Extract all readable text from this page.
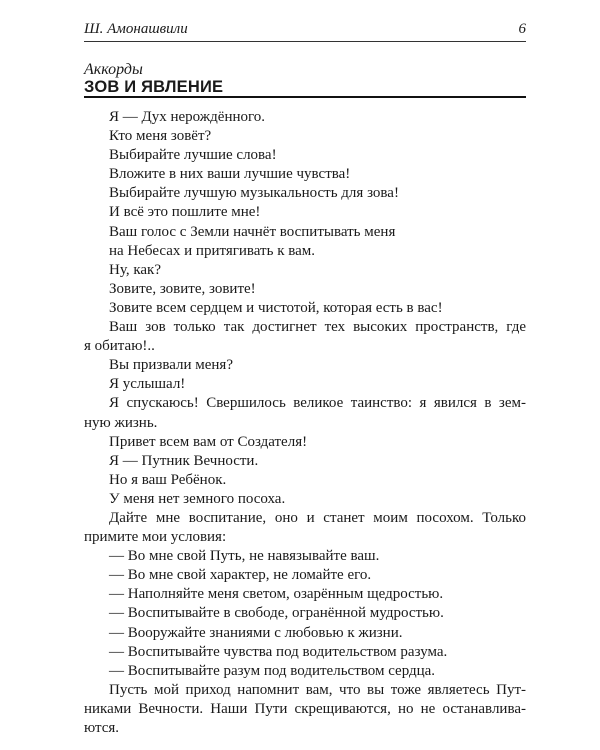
Ш. Амонашвили	6
Аккорды
ЗОВ И ЯВЛЕНИЕ
Я — Дух нерождённого.
Кто меня зовёт?
Выбирайте лучшие слова!
Вложите в них ваши лучшие чувства!
Выбирайте лучшую музыкальность для зова!
И всё это пошлите мне!
Ваш голос с Земли начнёт воспитывать меня
на Небесах и притягивать к вам.
Ну, как?
Зовите, зовите, зовите!
Зовите всем сердцем и чистотой, которая есть в вас!
Ваш зов только так достигнет тех высоких пространств, где
я обитаю!..
Вы призвали меня?
Я услышал!
Я спускаюсь! Свершилось великое таинство: я явился в зем-
ную жизнь.
Привет всем вам от Создателя!
Я — Путник Вечности.
Но я ваш Ребёнок.
У меня нет земного посоха.
Дайте мне воспитание, оно и станет моим посохом. Только
примите мои условия:
— Во мне свой Путь, не навязывайте ваш.
— Во мне свой характер, не ломайте его.
— Наполняйте меня светом, озарённым щедростью.
— Воспитывайте в свободе, огранённой мудростью.
— Вооружайте знаниями с любовью к жизни.
— Воспитывайте чувства под водительством разума.
— Воспитывайте разум под водительством сердца.
Пусть мой приход напомнит вам, что вы тоже являетесь Пут-
никами Вечности. Наши Пути скрещиваются, но не останавлива-
ются.
